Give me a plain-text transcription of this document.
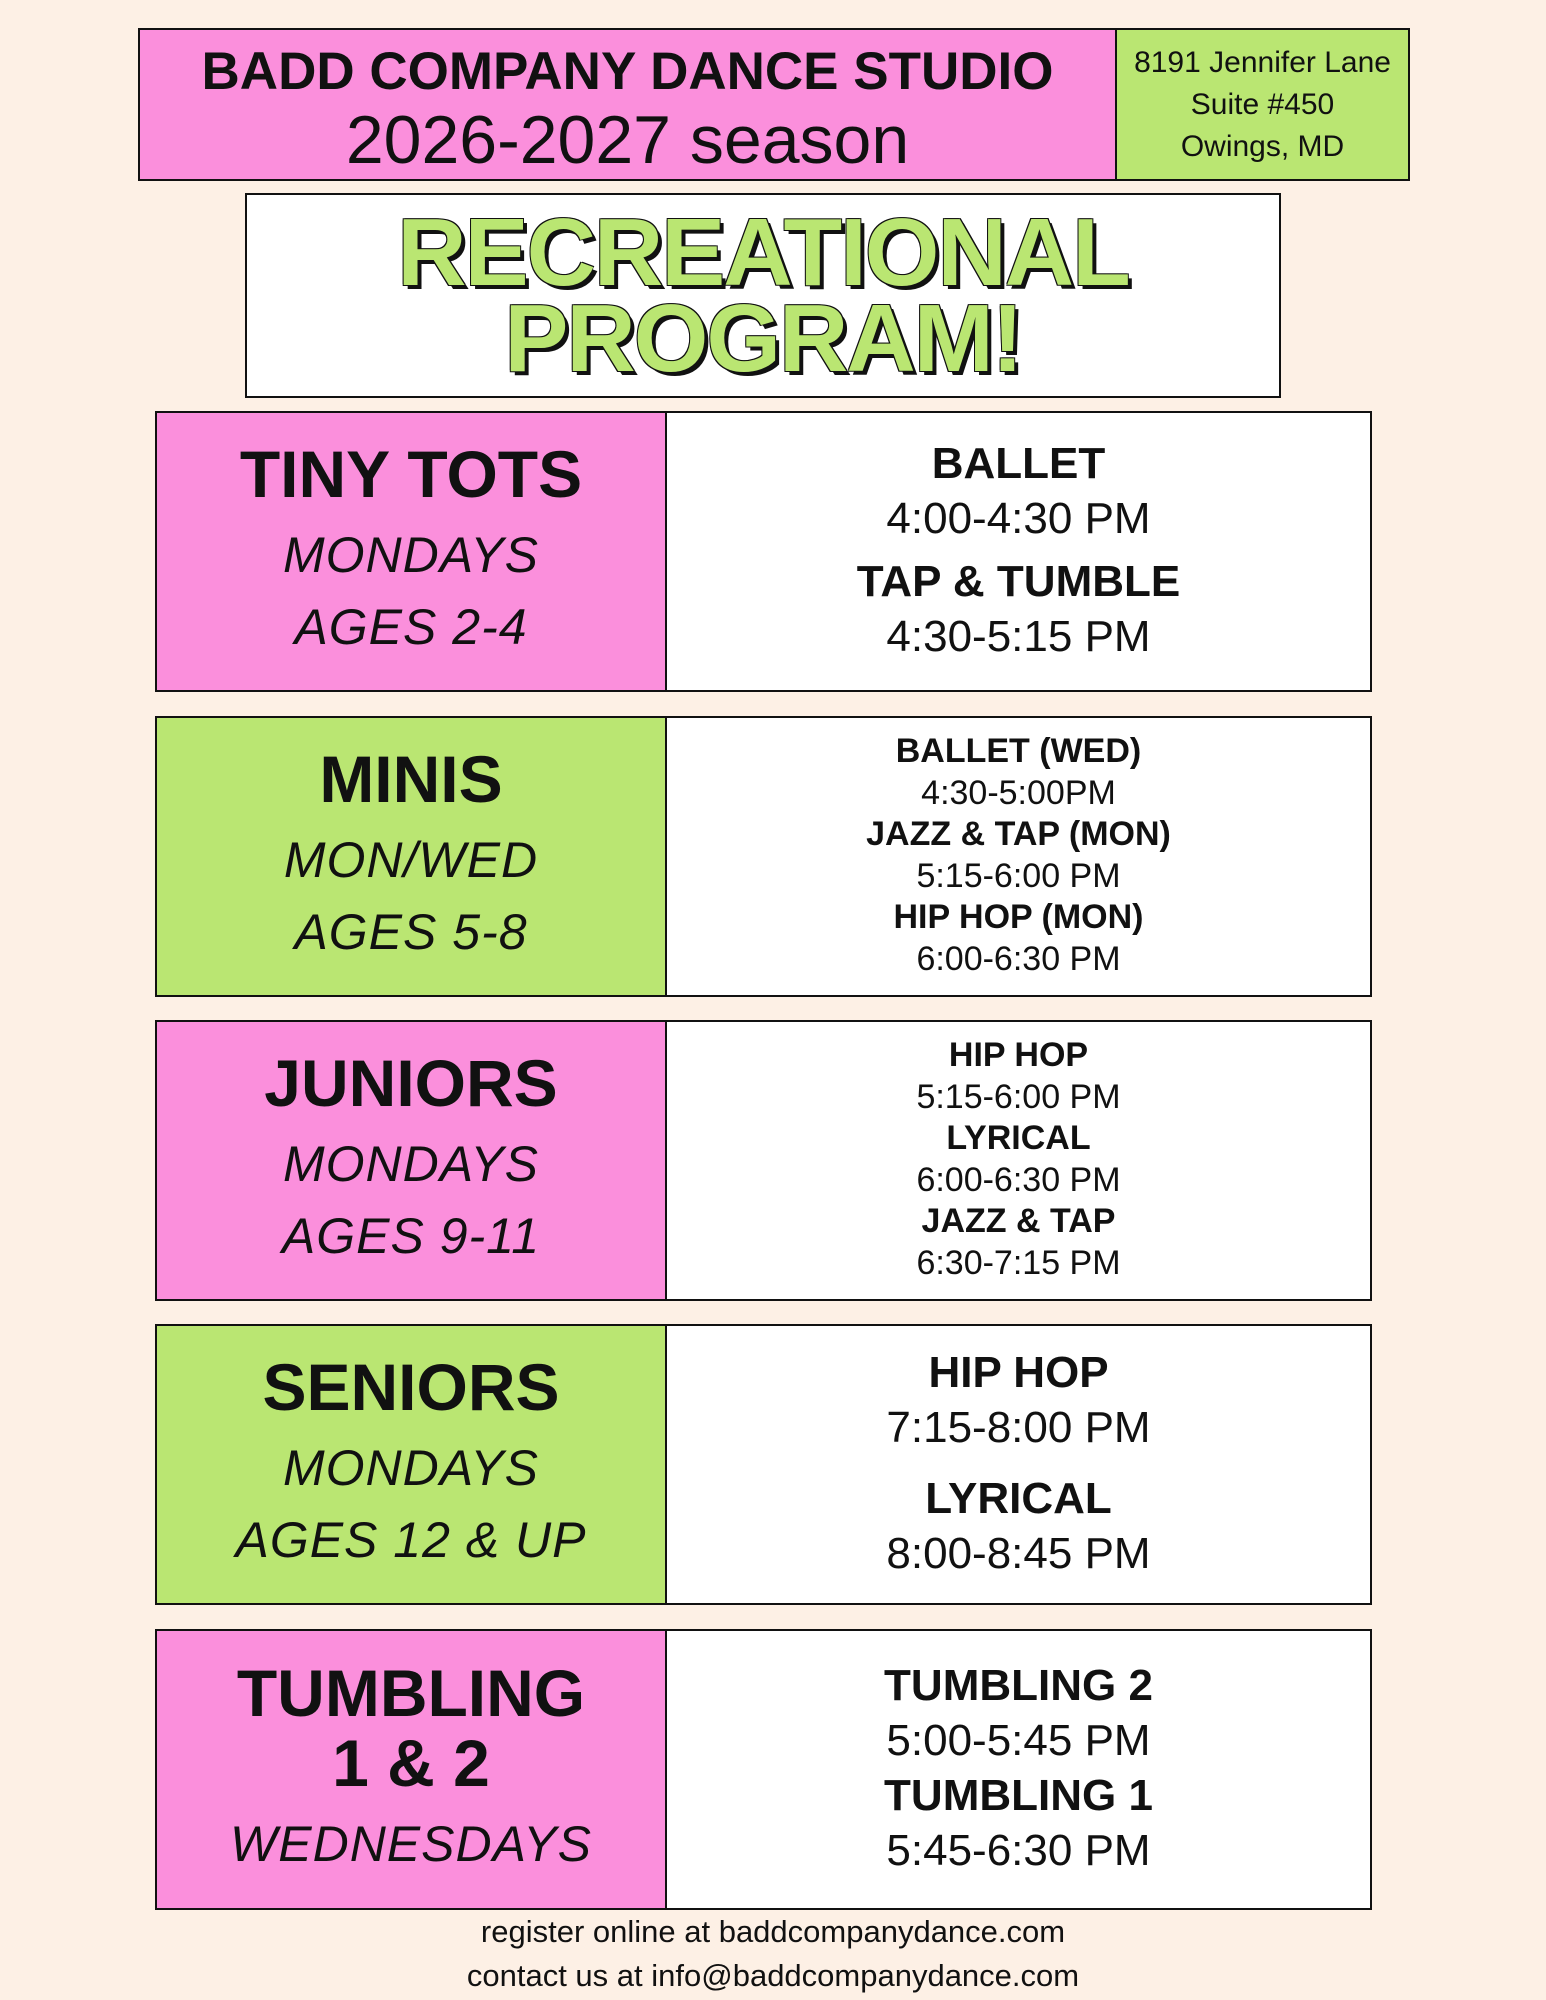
BADD COMPANY DANCE STUDIO
2026-2027 season
8191 Jennifer Lane
Suite #450
Owings, MD
RECREATIONAL
PROGRAM!
TINY TOTS
MONDAYS
AGES 2-4
BALLET
4:00-4:30 PM
TAP & TUMBLE
4:30-5:15 PM
MINIS
MON/WED
AGES 5-8
BALLET (WED)
4:30-5:00PM
JAZZ & TAP (MON)
5:15-6:00 PM
HIP HOP (MON)
6:00-6:30 PM
JUNIORS
MONDAYS
AGES 9-11
HIP HOP
5:15-6:00 PM
LYRICAL
6:00-6:30 PM
JAZZ & TAP
6:30-7:15 PM
SENIORS
MONDAYS
AGES 12 & UP
HIP HOP
7:15-8:00 PM
LYRICAL
8:00-8:45 PM
TUMBLING
1 & 2
WEDNESDAYS
TUMBLING 2
5:00-5:45 PM
TUMBLING 1
5:45-6:30 PM
register online at baddcompanydance.com
contact us at info@baddcompanydance.com
